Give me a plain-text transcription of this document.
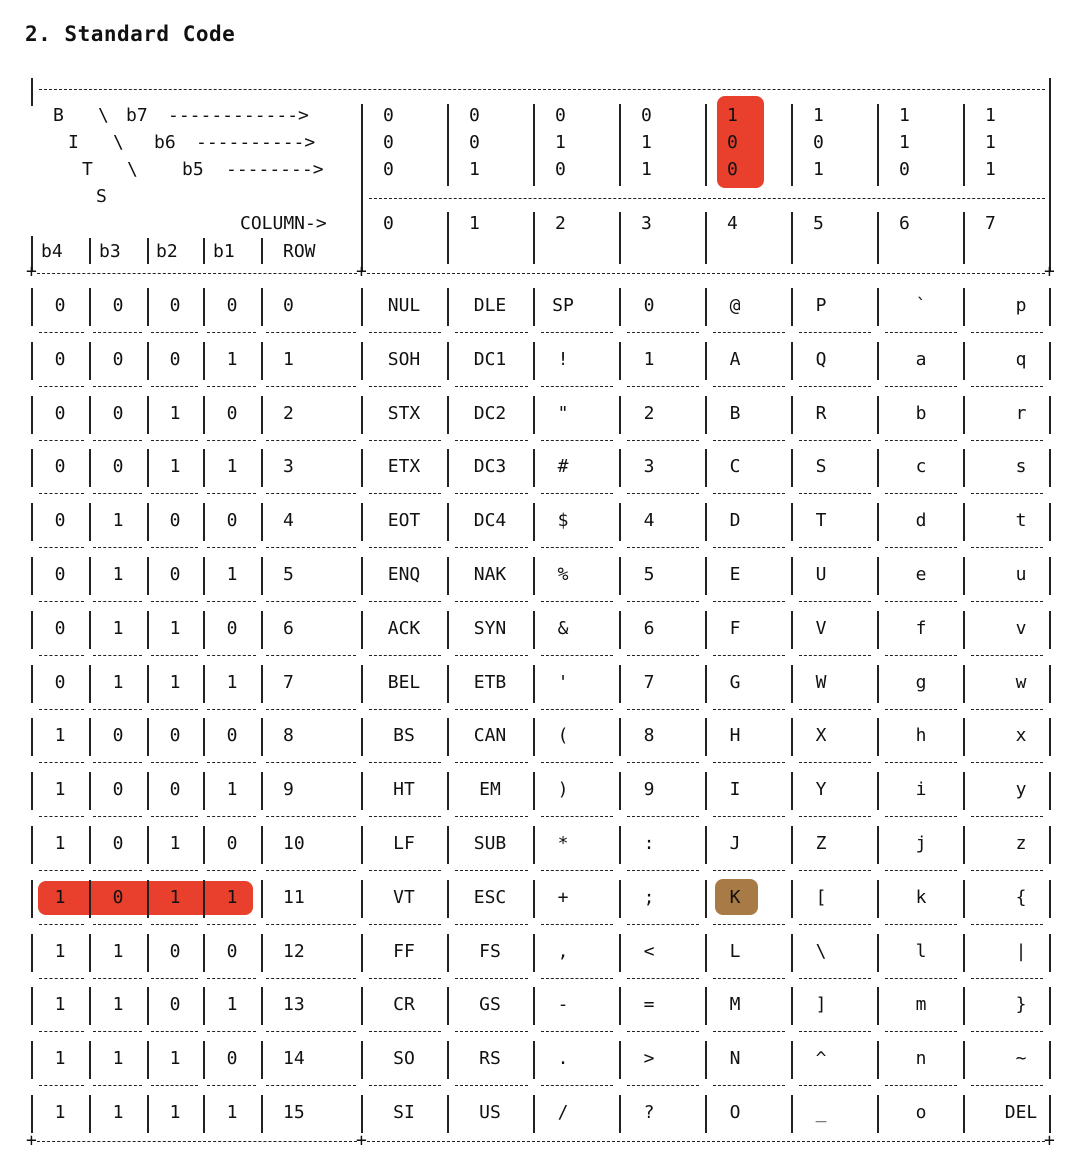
2. Standard Code
B
I
T
S
\
\
\
b7
b6
b5
------------>
---------->
-------->
0	0	0	0	1	1	1	1
0	0	1	1	0	0	1	1
0	1	0	1	0	1	0	1
COLUMN->	0	1	2	3	4	5	6	7
b4 b3 b2 b1	ROW
+	+	+
0	0	0	0	0	NUL	DLE	SP	0	@	P	`	p
0	0	0	1	1	SOH	DC1	!	1	A	Q	a	q
0	0	1	0	2	STX	DC2	"	2	B	R	b	r
0	0	1	1	3	ETX	DC3	#	3	C	S	c	s
0	1	0	0	4	EOT	DC4	$	4	D	T	d	t
0	1	0	1	5	ENQ	NAK	%	5	E	U	e	u
0	1	1	0	6	ACK	SYN	&	6	F	V	f	v
0	1	1	1	7	BEL	ETB	'	7	G	W	g	w
1	0	0	0	8	BS	CAN	(	8	H	X	h	x
1	0	0	1	9	HT	EM	)	9	I	Y	i	y
1	0	1	0	10	LF	SUB	*	:	J	Z	j	z
1	0	1	1	11	VT	ESC	+	;	K	[	k	{
1	1	0	0	12	FF	FS	,	<	L	\	l	|
1	1	0	1	13	CR	GS	-	=	M	]	m	}
1	1	1	0	14	SO	RS	.	>	N	^	n	~
1	1	1	1	15	SI	US	/	?	O	_	o	DEL
+	+	+
